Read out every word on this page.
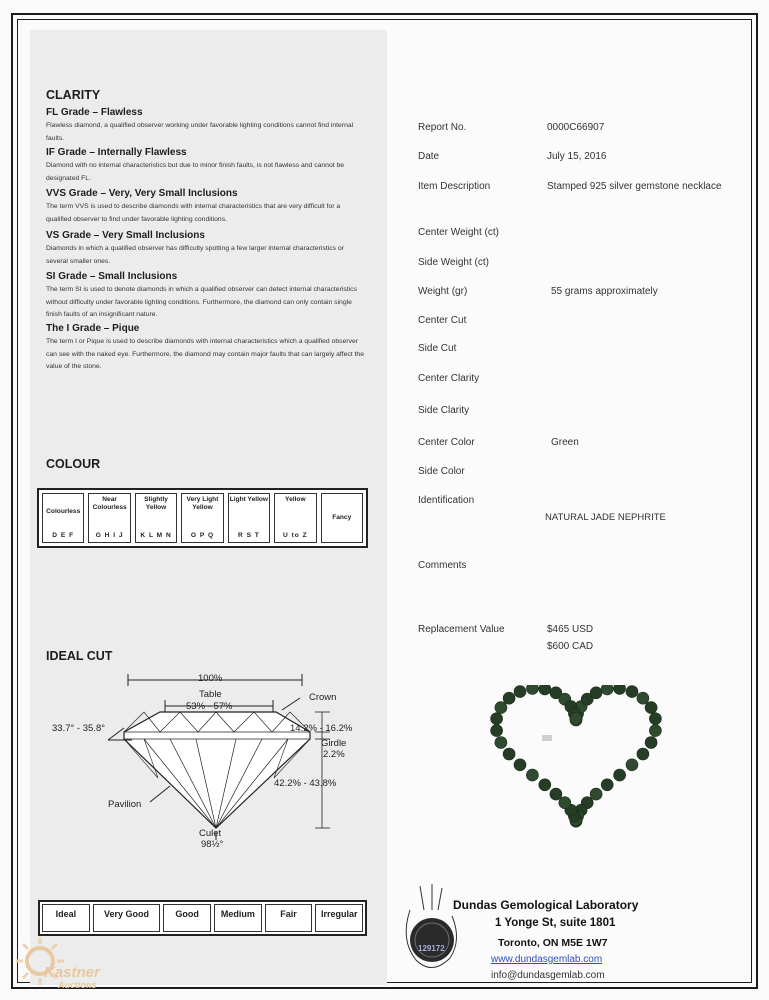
CLARITY
FL Grade – Flawless
Flawless diamond, a qualified observer working under favorable lighting conditions cannot find internal faults.
IF Grade – Internally Flawless
Diamond with no internal characteristics but due to minor finish faults, is not flawless and cannot be designated FL.
VVS Grade – Very, Very Small Inclusions
The term VVS is used to describe diamonds with internal characteristics that are very difficult for a qualified observer to find under favorable lighting conditions.
VS Grade – Very Small Inclusions
Diamonds in which a qualified observer has difficulty spotting a few larger internal characteristics or several smaller ones.
SI Grade – Small Inclusions
The term SI is used to denote diamonds in which a qualified observer can detect internal characteristics without difficulty under favorable lighting conditions. Furthermore, the diamond can only contain single finish faults of an insignificant nature.
The I Grade – Pique
The term I or Pique is used to describe diamonds with internal characteristics which a qualified observer can see with the naked eye. Furthermore, the diamond may contain major faults that can largely affect the value of the stone.
COLOUR
Colourless
D E F
Near Colourless
G H I J
Slightly Yellow
K L M N
Very Light Yellow
O P Q
Light Yellow
R S T
Yellow
U to Z
Fancy
IDEAL CUT
100%
Table
53% - 57%
Crown
33.7° - 35.8°	14.2% - 16.2%
Girdle
2.2%
42.2% - 43.8%
Pavilion
Culet
98½°
Ideal	Very Good	Good	Medium	Fair	Irregular
Kastner
Auctions
Report No.	0000C66907
Date	July 15, 2016
Item Description	Stamped 925 silver gemstone necklace
Center Weight (ct)
Side Weight (ct)
Weight (gr)	55 grams approximately
Center Cut
Side Cut
Center Clarity
Side Clarity
Center Color	Green
Side Color
Identification
NATURAL JADE NEPHRITE
Comments
Replacement Value	$465 USD
$600 CAD
129172
Dundas Gemological Laboratory
1 Yonge St, suite 1801
Toronto, ON M5E 1W7
www.dundasgemlab.com
info@dundasgemlab.com
